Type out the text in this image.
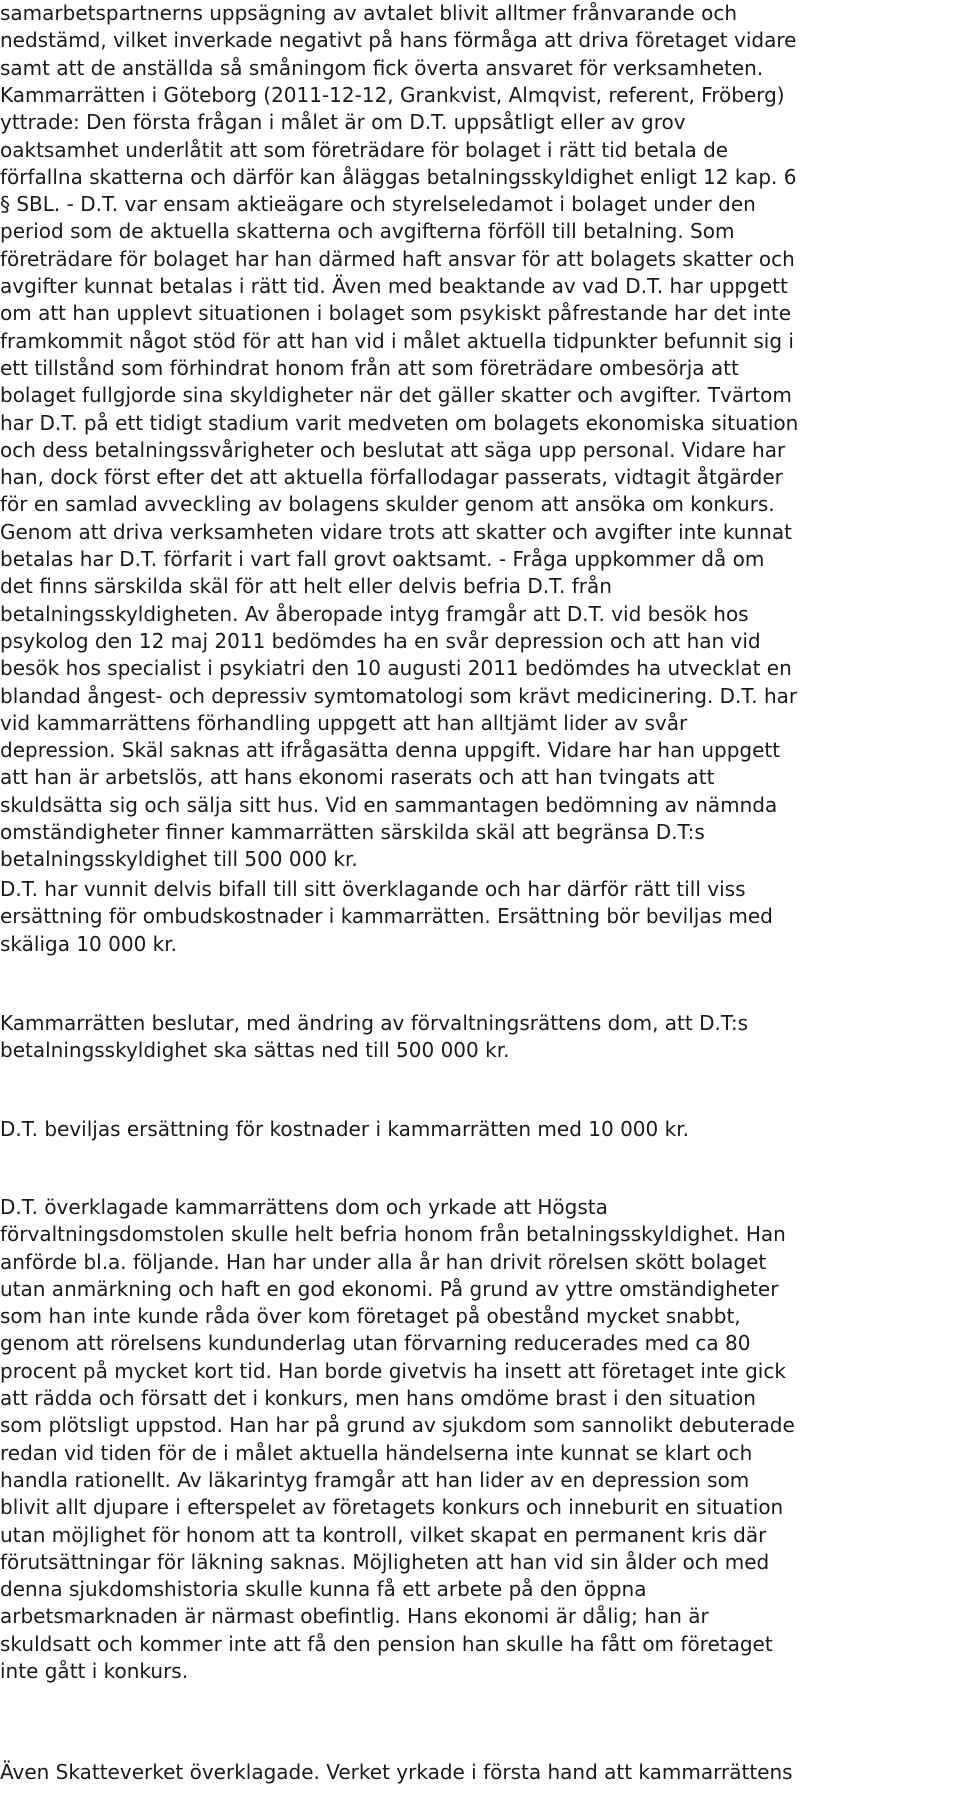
samarbetspartnerns uppsägning av avtalet blivit alltmer frånvarande och
nedstämd, vilket inverkade negativt på hans förmåga att driva företaget vidare
samt att de anställda så småningom fick överta ansvaret för verksamheten.
Kammarrätten i Göteborg (2011-12-12, Grankvist, Almqvist, referent, Fröberg)
yttrade: Den första frågan i målet är om D.T. uppsåtligt eller av grov
oaktsamhet underlåtit att som företrädare för bolaget i rätt tid betala de
förfallna skatterna och därför kan åläggas betalningsskyldighet enligt 12 kap. 6
§ SBL. - D.T. var ensam aktieägare och styrelseledamot i bolaget under den
period som de aktuella skatterna och avgifterna förföll till betalning. Som
företrädare för bolaget har han därmed haft ansvar för att bolagets skatter och
avgifter kunnat betalas i rätt tid. Även med beaktande av vad D.T. har uppgett
om att han upplevt situationen i bolaget som psykiskt påfrestande har det inte
framkommit något stöd för att han vid i målet aktuella tidpunkter befunnit sig i
ett tillstånd som förhindrat honom från att som företrädare ombesörja att
bolaget fullgjorde sina skyldigheter när det gäller skatter och avgifter. Tvärtom
har D.T. på ett tidigt stadium varit medveten om bolagets ekonomiska situation
och dess betalningssvårigheter och beslutat att säga upp personal. Vidare har
han, dock först efter det att aktuella förfallodagar passerats, vidtagit åtgärder
för en samlad avveckling av bolagens skulder genom att ansöka om konkurs.
Genom att driva verksamheten vidare trots att skatter och avgifter inte kunnat
betalas har D.T. förfarit i vart fall grovt oaktsamt. - Fråga uppkommer då om
det finns särskilda skäl för att helt eller delvis befria D.T. från
betalningsskyldigheten. Av åberopade intyg framgår att D.T. vid besök hos
psykolog den 12 maj 2011 bedömdes ha en svår depression och att han vid
besök hos specialist i psykiatri den 10 augusti 2011 bedömdes ha utvecklat en
blandad ångest- och depressiv symtomatologi som krävt medicinering. D.T. har
vid kammarrättens förhandling uppgett att han alltjämt lider av svår
depression. Skäl saknas att ifrågasätta denna uppgift. Vidare har han uppgett
att han är arbetslös, att hans ekonomi raserats och att han tvingats att
skuldsätta sig och sälja sitt hus. Vid en sammantagen bedömning av nämnda
omständigheter finner kammarrätten särskilda skäl att begränsa D.T:s
betalningsskyldighet till 500 000 kr.
D.T. har vunnit delvis bifall till sitt överklagande och har därför rätt till viss
ersättning för ombudskostnader i kammarrätten. Ersättning bör beviljas med
skäliga 10 000 kr.
Kammarrätten beslutar, med ändring av förvaltningsrättens dom, att D.T:s
betalningsskyldighet ska sättas ned till 500 000 kr.
D.T. beviljas ersättning för kostnader i kammarrätten med 10 000 kr.
D.T. överklagade kammarrättens dom och yrkade att Högsta
förvaltningsdomstolen skulle helt befria honom från betalningsskyldighet. Han
anförde bl.a. följande. Han har under alla år han drivit rörelsen skött bolaget
utan anmärkning och haft en god ekonomi. På grund av yttre omständigheter
som han inte kunde råda över kom företaget på obestånd mycket snabbt,
genom att rörelsens kundunderlag utan förvarning reducerades med ca 80
procent på mycket kort tid. Han borde givetvis ha insett att företaget inte gick
att rädda och försatt det i konkurs, men hans omdöme brast i den situation
som plötsligt uppstod. Han har på grund av sjukdom som sannolikt debuterade
redan vid tiden för de i målet aktuella händelserna inte kunnat se klart och
handla rationellt. Av läkarintyg framgår att han lider av en depression som
blivit allt djupare i efterspelet av företagets konkurs och inneburit en situation
utan möjlighet för honom att ta kontroll, vilket skapat en permanent kris där
förutsättningar för läkning saknas. Möjligheten att han vid sin ålder och med
denna sjukdomshistoria skulle kunna få ett arbete på den öppna
arbetsmarknaden är närmast obefintlig. Hans ekonomi är dålig; han är
skuldsatt och kommer inte att få den pension han skulle ha fått om företaget
inte gått i konkurs.
Även Skatteverket överklagade. Verket yrkade i första hand att kammarrättens
